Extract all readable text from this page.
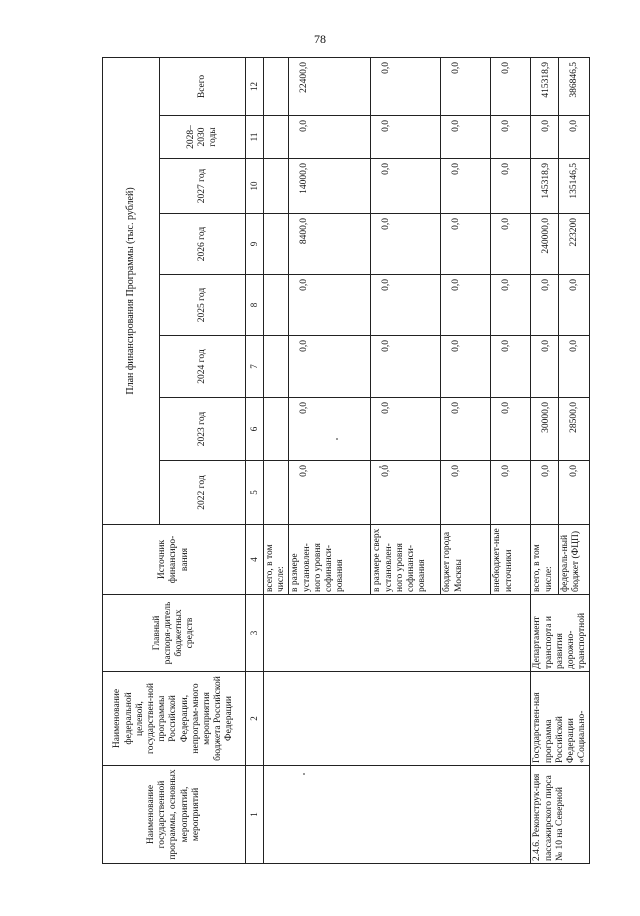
78
Наименование государственной программы, основных мероприятий, мероприятий	Наименование федеральной целевой, государствен-ной программы Российской Федерации, непрограм-много мероприятия бюджета Российской Федерации	Главный распоря-дитель бюджетных средств	Источник финансиро-вания	План финансирования Программы (тыс. рублей)							
				2022 год	2023 год	2024 год	2025 год	2026 год	2027 год	2028–2030 годы	Всего
1	2	3	4	5	6	7	8	9	10	11	12
			всего, в том числе:								
			в размере установлен-ного уровня софинанси-рования	0,0	0,0	0,0	0,0	8400,0	14000,0	0,0	22400,0
			в размере сверх установлен-ного уровня софинанси-рования	0,0	0,0	0,0	0,0	0,0	0,0	0,0	0,0
			бюджет города Москвы	0,0	0,0	0,0	0,0	0,0	0,0	0,0	0,0
			внебюджет-ные источники	0,0	0,0	0,0	0,0	0,0	0,0	0,0	0,0
2.4.6. Реконструк-ция пассажирского пирса № 10 на Северной	Государствен-ная программа Российской Федерации «Социально-	Департамент транспорта и развития дорожно-транспортной	всего, в том числе:	0,0	30000,0	0,0	0,0	240000,0	145318,9	0,0	415318,9
			федераль-ный бюджет (ФЦП)	0,0	28500,0	0,0	0,0	223200	135146,5	0,0	386846,5
